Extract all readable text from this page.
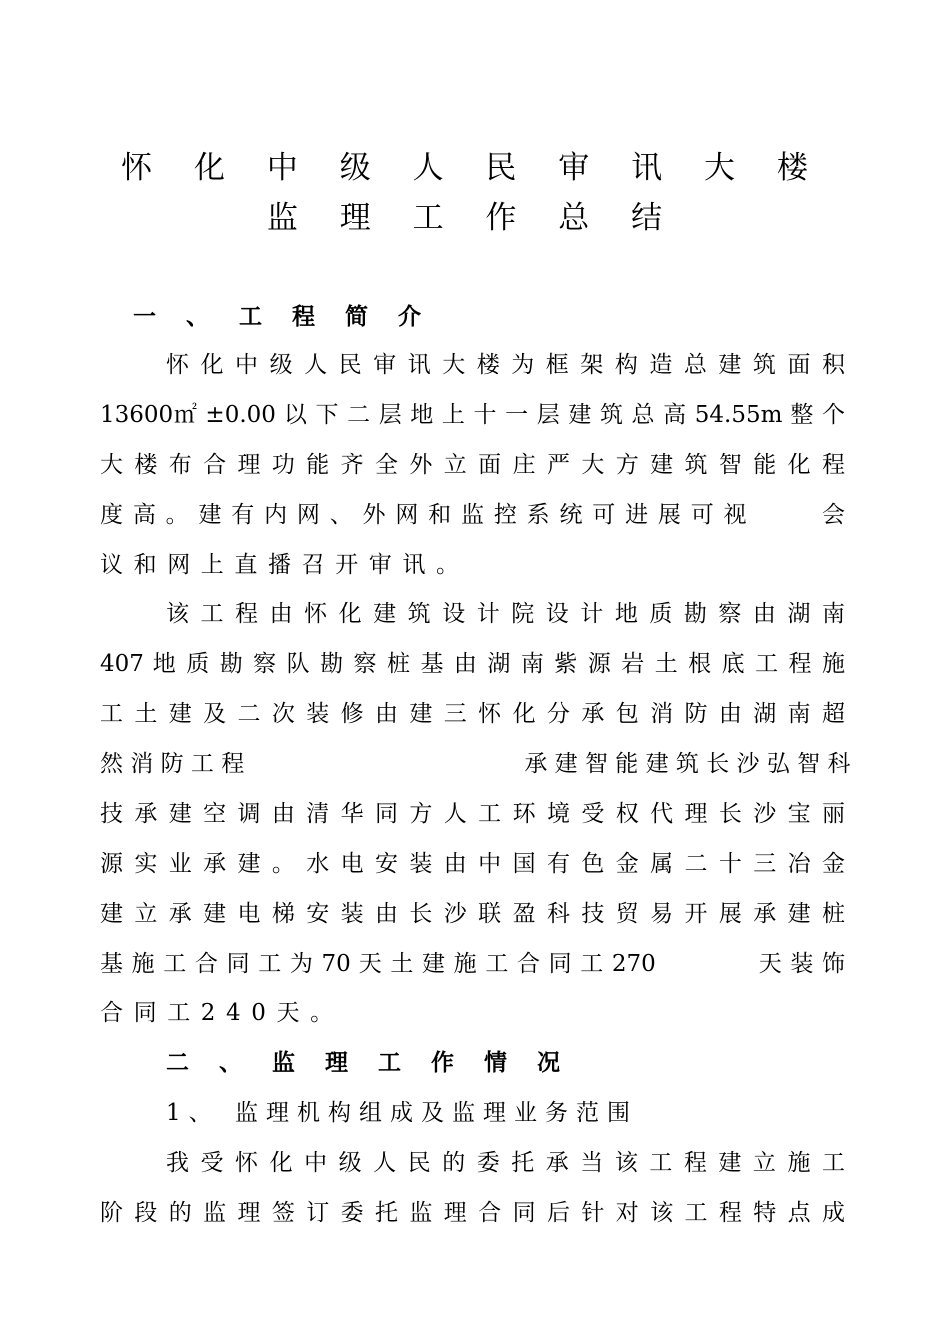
怀 化 中 级 人 民 审 讯 大 楼
监 理 工 作 总 结
一 、 工 程 简 介
怀 化 中 级 人 民 审 讯 大 楼 为 框 架 构 造 总 建 筑 面 积
13600㎡ ±0.00 以 下 二 层 地 上 十 一 层 建 筑 总 高 54.55m 整 个
大 楼 布 合 理 功 能 齐 全 外 立 面 庄 严 大 方 建 筑 智 能 化 程
度 高 。 建 有 内 网 、 外 网 和 监 控 系 统 可 进 展 可 视 　 　 会
议和网上直播召开审讯。
该 工 程 由 怀 化 建 筑 设 计 院 设 计 地 质 勘 察 由 湖 南
407 地 质 勘 察 队 勘 察 桩 基 由 湖 南 紫 源 岩 土 根 底 工 程 施
工 土 建 及 二 次 装 修 由 建 三 怀 化 分 承 包 消 防 由 湖 南 超
然 消 防 工 程 　 　 　 　 　 　 　 　 　 承 建 智 能 建 筑 长 沙 弘 智 科
技 承 建 空 调 由 清 华 同 方 人 工 环 境 受 权 代 理 长 沙 宝 丽
源 实 业 承 建 。 水 电 安 装 由 中 国 有 色 金 属 二 十 三 冶 金
建 立 承 建 电 梯 安 装 由 长 沙 联 盈 科 技 贸 易 开 展 承 建 桩
基 施 工 合 同 工 为 70 天 土 建 施 工 合 同 工 270 　 　 　 天 装 饰
合同工240天。
二 、 监 理 工 作 情 况
1、 监理机构组成及监理业务范围
我 受 怀 化 中 级 人 民 的 委 托 承 当 该 工 程 建 立 施 工
阶 段 的 监 理 签 订 委 托 监 理 合 同 后 针 对 该 工 程 特 点 成
